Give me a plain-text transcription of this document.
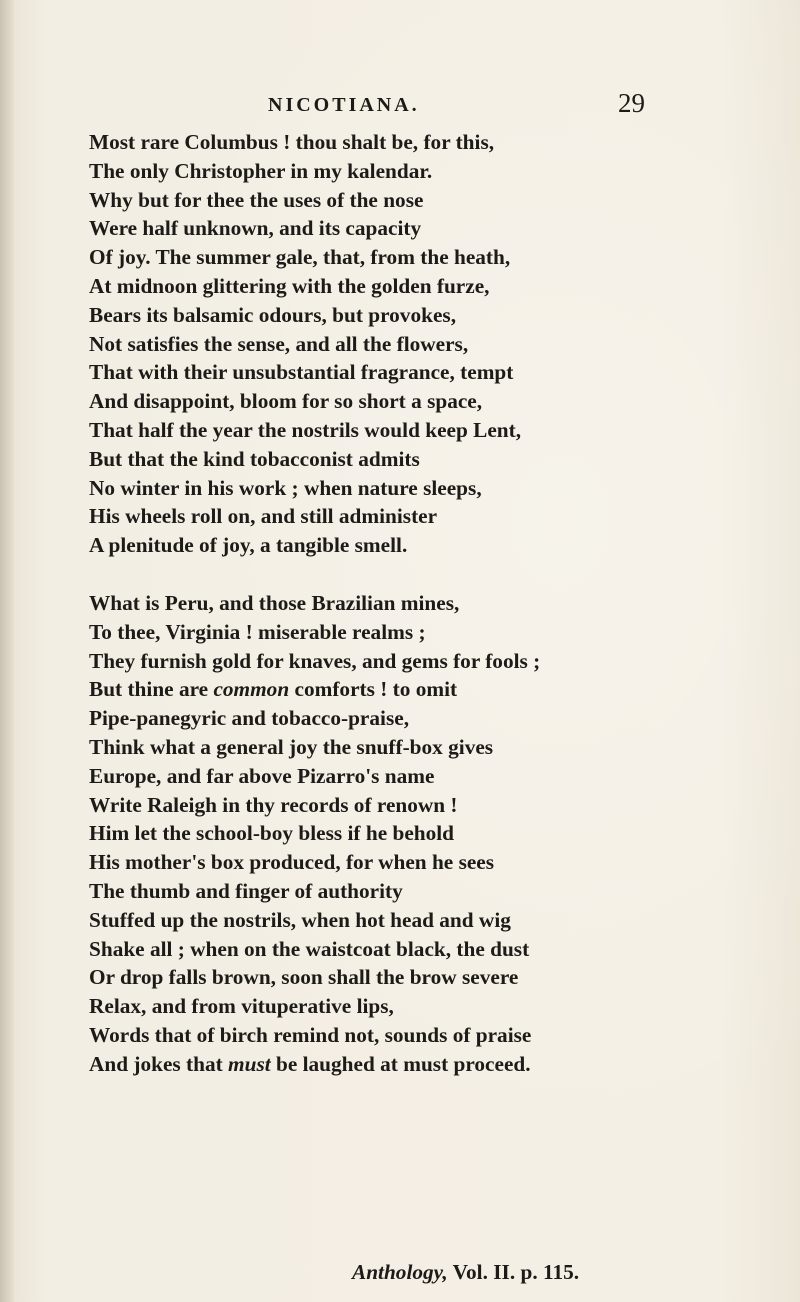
NICOTIANA.	29
Most rare Columbus ! thou shalt be, for this,
The only Christopher in my kalendar.
Why but for thee the uses of the nose
Were half unknown, and its capacity
Of joy. The summer gale, that, from the heath,
At midnoon glittering with the golden furze,
Bears its balsamic odours, but provokes,
Not satisfies the sense, and all the flowers,
That with their unsubstantial fragrance, tempt
And disappoint, bloom for so short a space,
That half the year the nostrils would keep Lent,
But that the kind tobacconist admits
No winter in his work ; when nature sleeps,
His wheels roll on, and still administer
A plenitude of joy, a tangible smell.
What is Peru, and those Brazilian mines,
To thee, Virginia ! miserable realms ;
They furnish gold for knaves, and gems for fools ;
But thine are common comforts ! to omit
Pipe-panegyric and tobacco-praise,
Think what a general joy the snuff-box gives
Europe, and far above Pizarro's name
Write Raleigh in thy records of renown !
Him let the school-boy bless if he behold
His mother's box produced, for when he sees
The thumb and finger of authority
Stuffed up the nostrils, when hot head and wig
Shake all ; when on the waistcoat black, the dust
Or drop falls brown, soon shall the brow severe
Relax, and from vituperative lips,
Words that of birch remind not, sounds of praise
And jokes that must be laughed at must proceed.
Anthology, Vol. II. p. 115.
